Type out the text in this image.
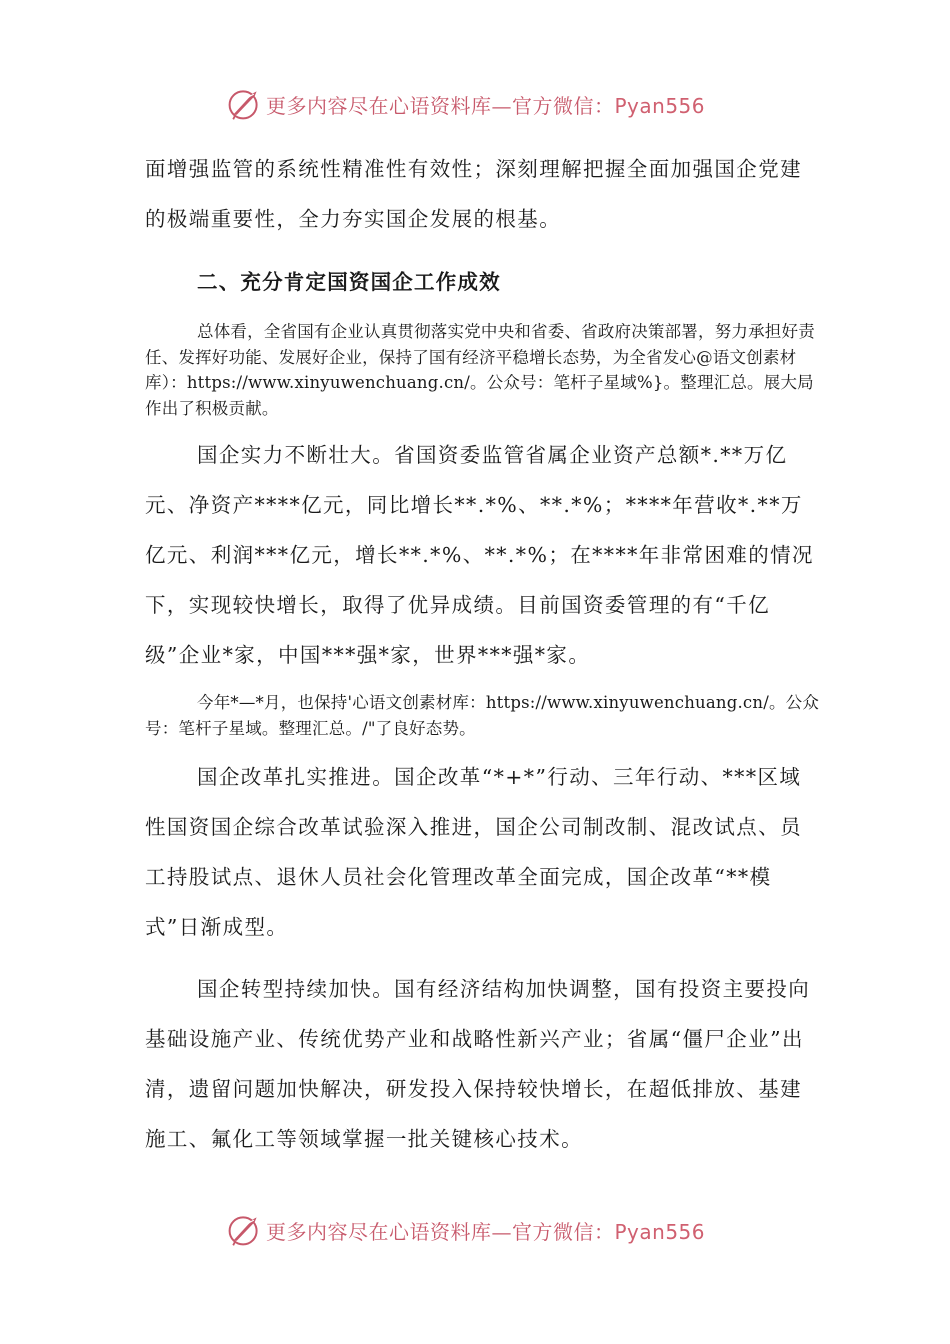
更多内容尽在心语资料库—官方微信：Pyan556

面增强监管的系统性精准性有效性；深刻理解把握全面加强国企党建的极端重要性，全力夯实国企发展的根基。

二、充分肯定国资国企工作成效

总体看，全省国有企业认真贯彻落实党中央和省委、省政府决策部署，努力承担好责任、发挥好功能、发展好企业，保持了国有经济平稳增长态势，为全省发心@语文创素材库）：https://www.xinyuwenchuang.cn/。公众号：笔杆子星域%}。整理汇总。展大局作出了积极贡献。

国企实力不断壮大。省国资委监管省属企业资产总额*.**万亿元、净资产****亿元，同比增长**.*%、**.*%；****年营收*.**万亿元、利润***亿元，增长**.*%、**.*%；在****年非常困难的情况下，实现较快增长，取得了优异成绩。目前国资委管理的有“千亿级”企业*家，中国***强*家，世界***强*家。

今年*—*月，也保持'心语文创素材库：https://www.xinyuwenchuang.cn/。公众号：笔杆子星域。整理汇总。/"了良好态势。

国企改革扎实推进。国企改革“*+*”行动、三年行动、***区域性国资国企综合改革试验深入推进，国企公司制改制、混改试点、员工持股试点、退休人员社会化管理改革全面完成，国企改革“**模式”日渐成型。

国企转型持续加快。国有经济结构加快调整，国有投资主要投向基础设施产业、传统优势产业和战略性新兴产业；省属“僵尸企业”出清，遗留问题加快解决，研发投入保持较快增长，在超低排放、基建施工、氟化工等领域掌握一批关键核心技术。

更多内容尽在心语资料库—官方微信：Pyan556
